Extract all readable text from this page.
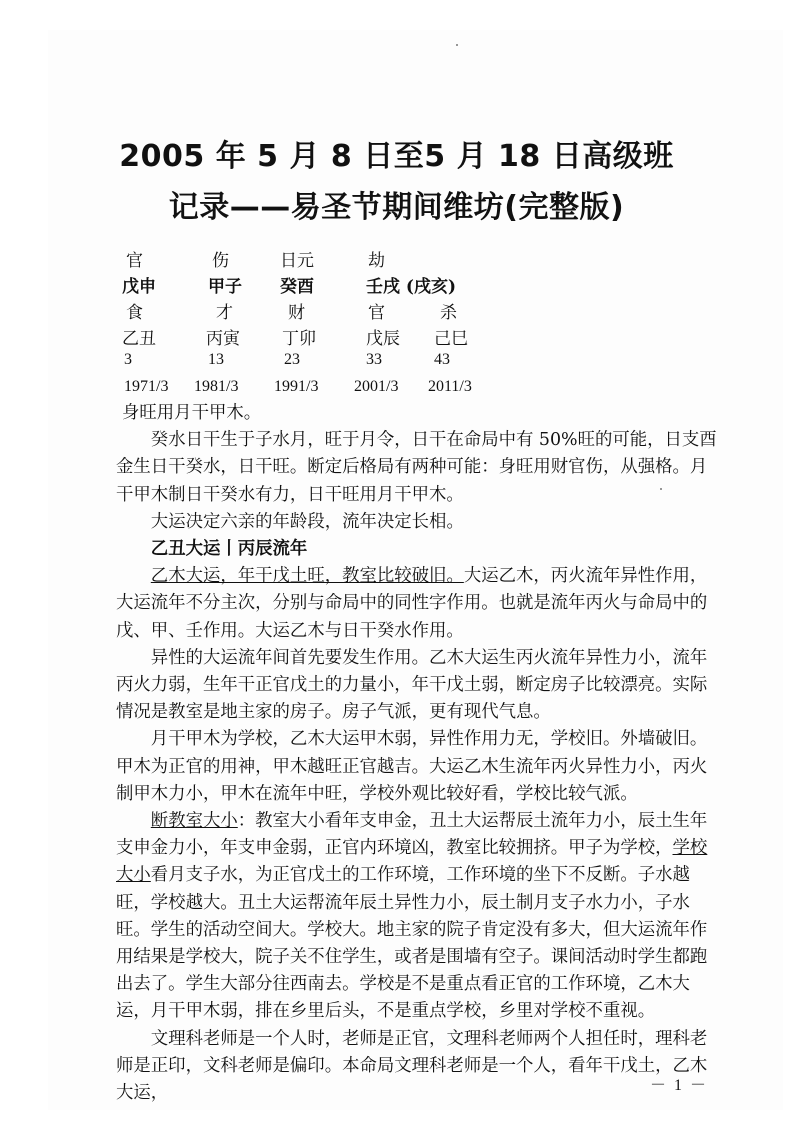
2005 年 5 月 8 日至5 月 18 日高级班
记录——易圣节期间维坊(完整版)
官	伤	日元	劫
戊申	甲子 癸酉	壬戌 (戌亥)
食	才	财	官	杀
乙丑	丙寅 丁卯	戊辰 己巳
3	13	23	33	43
1971/3 1981/3 1991/3 2001/3 2011/3

身旺用月干甲木。

癸水日干生于子水月，旺于月令，日干在命局中有 50%旺的可能，日支酉金生日干癸水，日干旺。断定后格局有两种可能：身旺用财官伤，从强格。月干甲木制日干癸水有力，日干旺用月干甲木。

大运决定六亲的年龄段，流年决定长相。

乙丑大运丨丙辰流年

乙木大运，年干戊土旺，教室比较破旧。大运乙木，丙火流年异性作用，大运流年不分主次，分别与命局中的同性字作用。也就是流年丙火与命局中的戊、甲、壬作用。大运乙木与日干癸水作用。

异性的大运流年间首先要发生作用。乙木大运生丙火流年异性力小，流年丙火力弱，生年干正官戊土的力量小，年干戊土弱，断定房子比较漂亮。实际情况是教室是地主家的房子。房子气派，更有现代气息。

月干甲木为学校，乙木大运甲木弱，异性作用力无，学校旧。外墙破旧。甲木为正官的用神，甲木越旺正官越吉。大运乙木生流年丙火异性力小，丙火制甲木力小，甲木在流年中旺，学校外观比较好看，学校比较气派。

断教室大小：教室大小看年支申金，丑土大运帮辰土流年力小，辰土生年支申金力小，年支申金弱，正官内环境凶，教室比较拥挤。甲子为学校，学校大小看月支子水，为正官戊土的工作环境，工作环境的坐下不反断。子水越旺，学校越大。丑土大运帮流年辰土异性力小，辰土制月支子水力小，子水旺。学生的活动空间大。学校大。地主家的院子肯定没有多大，但大运流年作用结果是学校大，院子关不住学生，或者是围墙有空子。课间活动时学生都跑出去了。学生大部分往西南去。学校是不是重点看正官的工作环境，乙木大运，月干甲木弱，排在乡里后头，不是重点学校，乡里对学校不重视。

文理科老师是一个人时，老师是正官，文理科老师两个人担任时，理科老师是正印，文科老师是偏印。本命局文理科老师是一个人，看年干戊土，乙木大运，	－ 1 －
